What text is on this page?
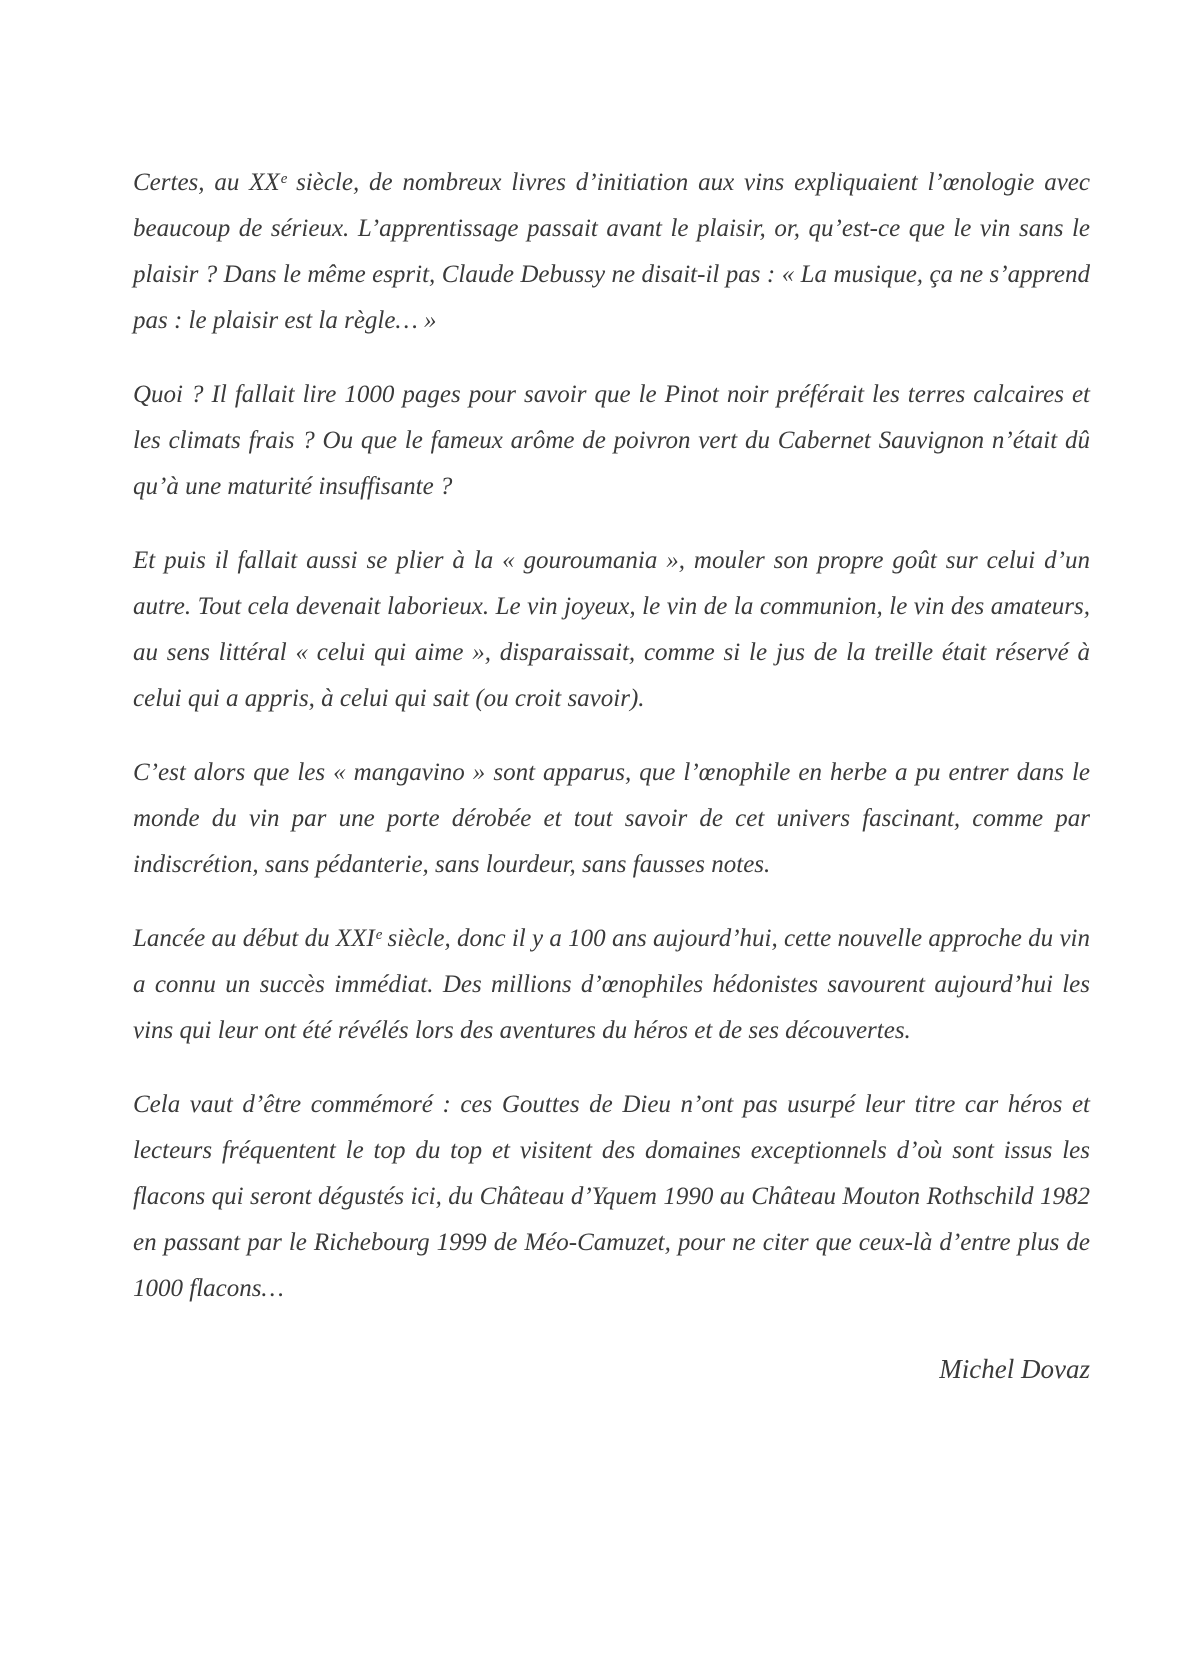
Certes, au XXᵉ siècle, de nombreux livres d’initiation aux vins expliquaient l’œnologie avec beaucoup de sérieux. L’apprentissage passait avant le plaisir, or, qu’est-ce que le vin sans le plaisir ? Dans le même esprit, Claude Debussy ne disait-il pas : « La musique, ça ne s’apprend pas : le plaisir est la règle… »

Quoi ? Il fallait lire 1000 pages pour savoir que le Pinot noir préférait les terres calcaires et les climats frais ? Ou que le fameux arôme de poivron vert du Cabernet Sauvignon n’était dû qu’à une maturité insuffisante ?

Et puis il fallait aussi se plier à la « gouroumania », mouler son propre goût sur celui d’un autre. Tout cela devenait laborieux. Le vin joyeux, le vin de la communion, le vin des amateurs, au sens littéral « celui qui aime », disparaissait, comme si le jus de la treille était réservé à celui qui a appris, à celui qui sait (ou croit savoir).

C’est alors que les « mangavino » sont apparus, que l’œnophile en herbe a pu entrer dans le monde du vin par une porte dérobée et tout savoir de cet univers fascinant, comme par indiscrétion, sans pédanterie, sans lourdeur, sans fausses notes.

Lancée au début du XXIᵉ siècle, donc il y a 100 ans aujourd’hui, cette nouvelle approche du vin a connu un succès immédiat. Des millions d’œnophiles hédonistes savourent aujourd’hui les vins qui leur ont été révélés lors des aventures du héros et de ses découvertes.

Cela vaut d’être commémoré : ces Gouttes de Dieu n’ont pas usurpé leur titre car héros et lecteurs fréquentent le top du top et visitent des domaines exceptionnels d’où sont issus les flacons qui seront dégustés ici, du Château d’Yquem 1990 au Château Mouton Rothschild 1982 en passant par le Richebourg 1999 de Méo-Camuzet, pour ne citer que ceux-là d’entre plus de 1000 flacons…

Michel Dovaz
